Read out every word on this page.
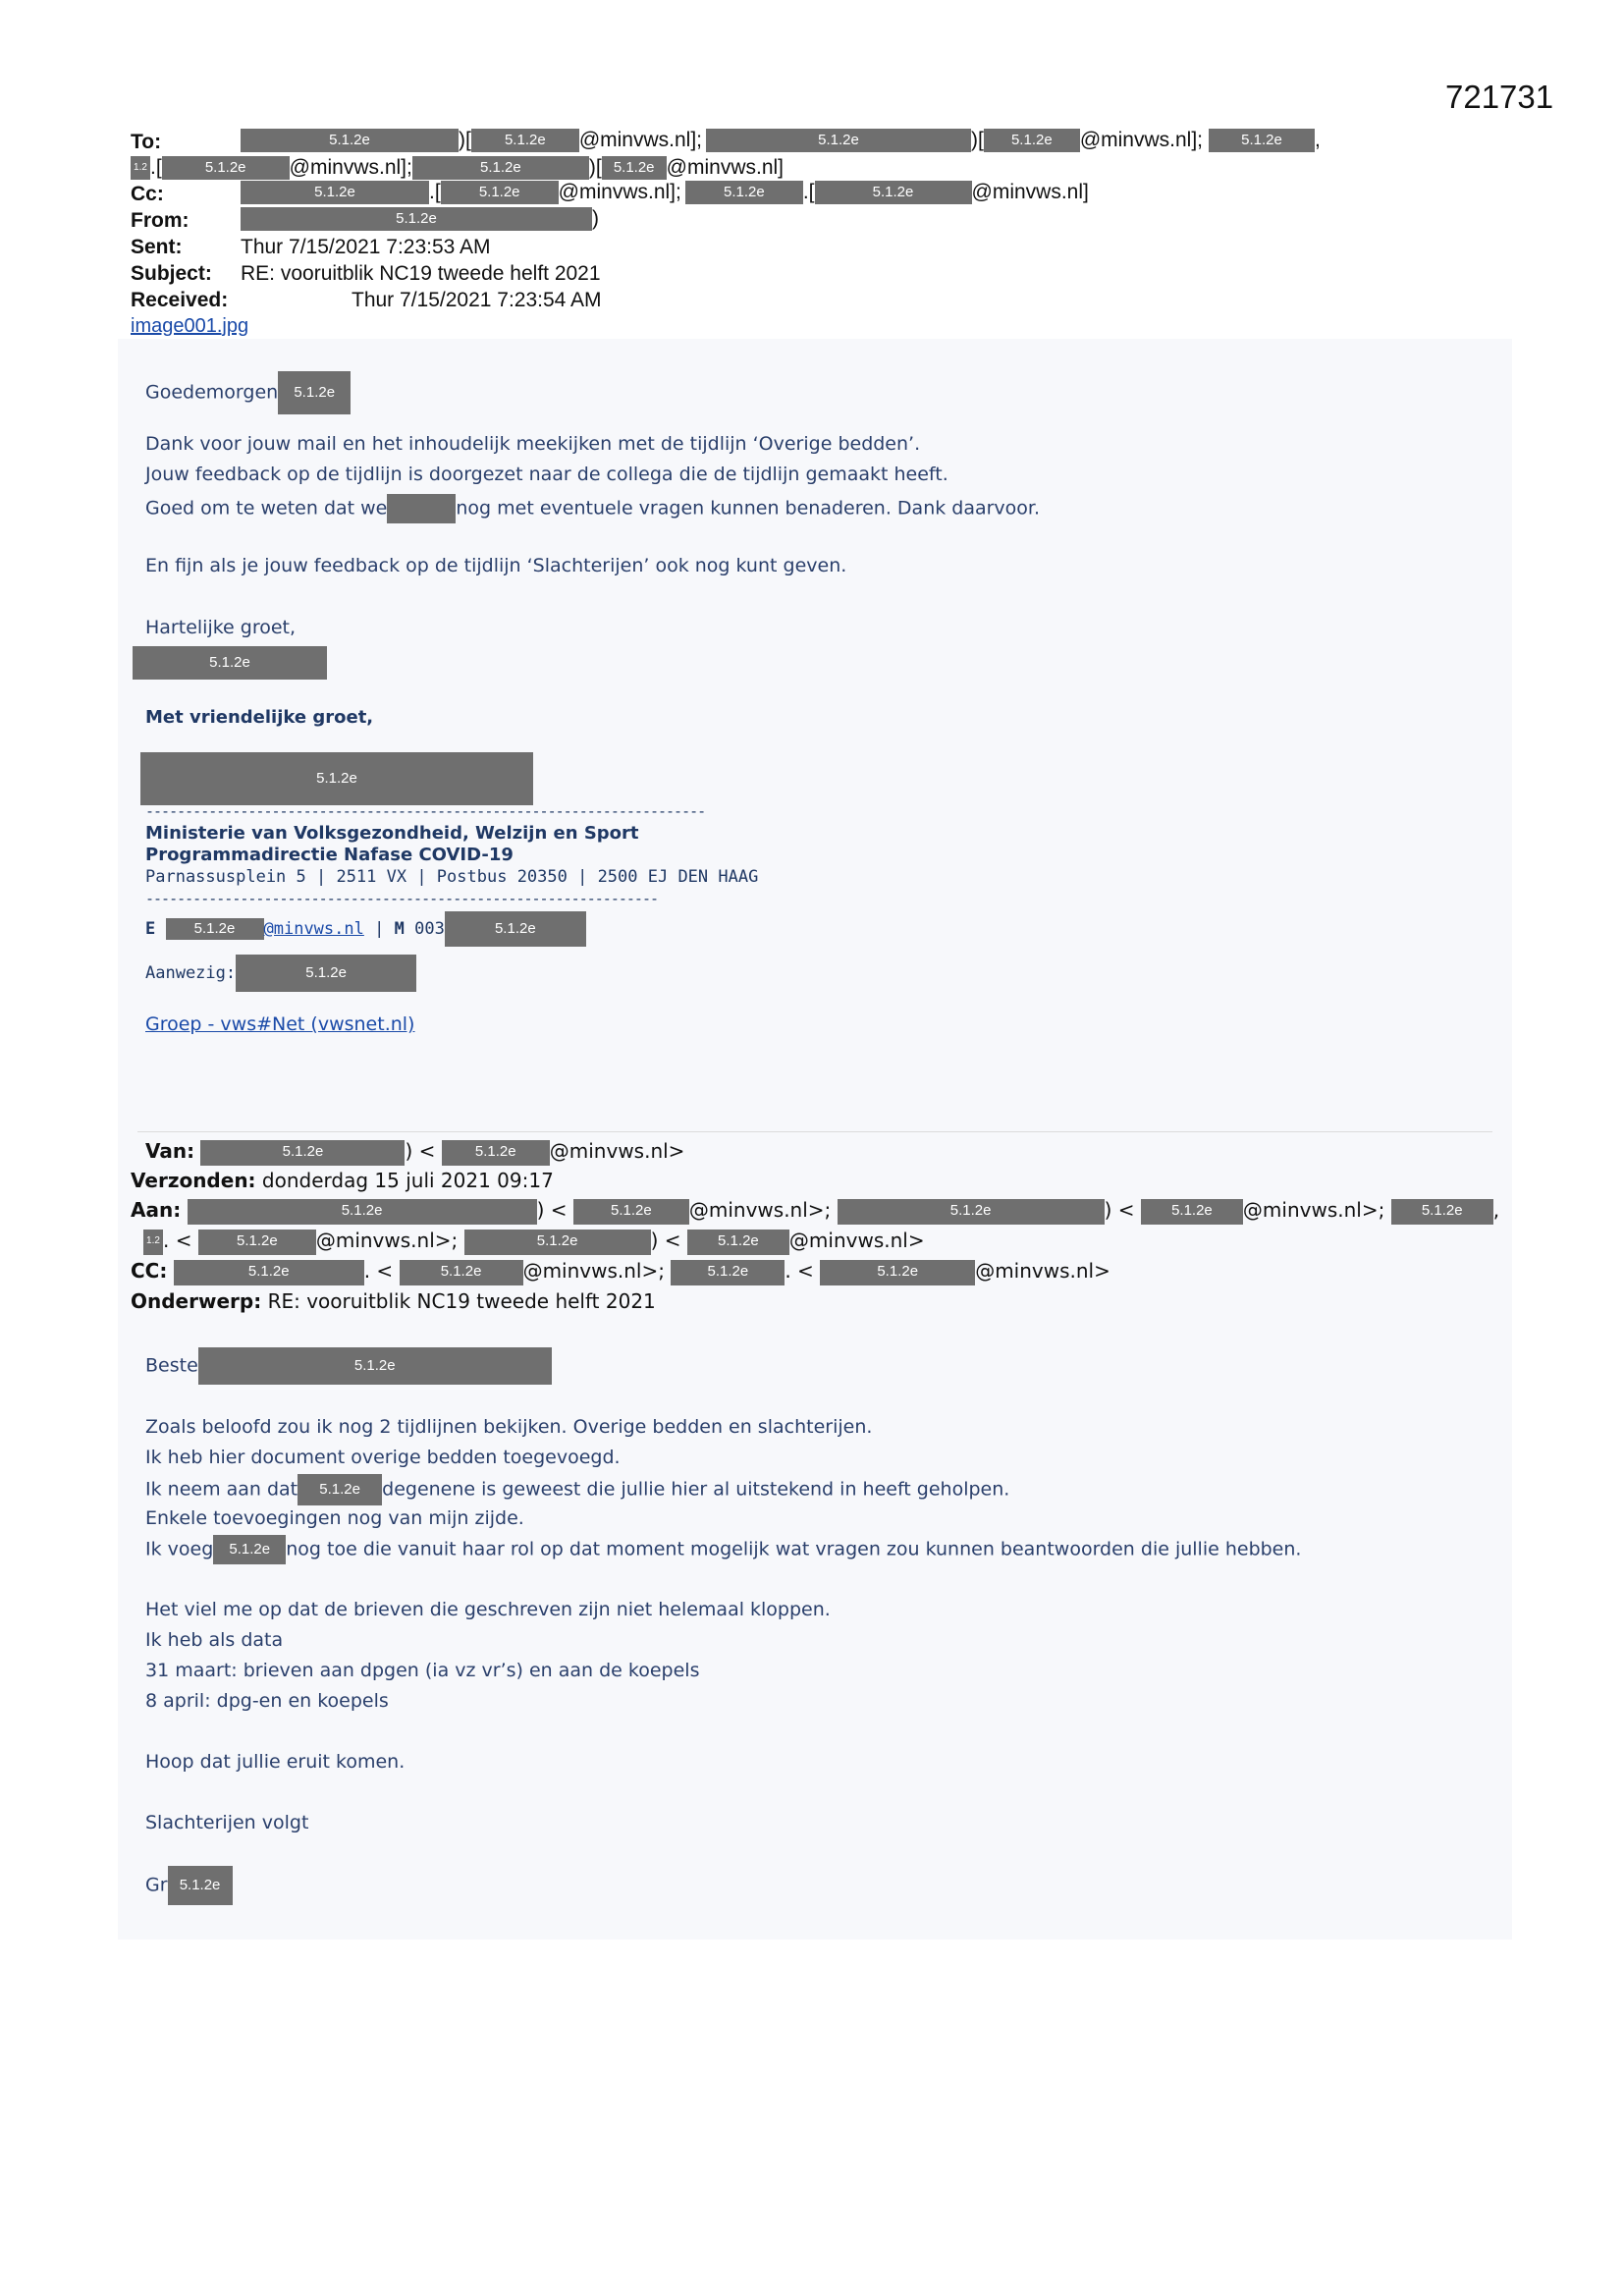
721731
To:	5.1.2e	)[ 5.1.2e @minvws.nl];	5.1.2e	)[ 5.1.2e @minvws.nl];	5.1.2e ,
1.2 .[	5.1.2e @minvws.nl];	5.1.2e	)[ 5.1.2e @minvws.nl]
Cc:	5.1.2e	.[	5.1.2e @minvws.nl];	5.1.2e .[	5.1.2e	@minvws.nl]
From:	5.1.2e	)
Sent:	Thur 7/15/2021 7:23:53 AM
Subject: RE: vooruitblik NC19 tweede helft 2021
Received:	Thur 7/15/2021 7:23:54 AM
image001.jpg
Goedemorgen 5.1.2e
Dank voor jouw mail en het inhoudelijk meekijken met de tijdlijn ‘Overige bedden’.
Jouw feedback op de tijdlijn is doorgezet naar de collega die de tijdlijn gemaakt heeft.
Goed om te weten dat we	nog met eventuele vragen kunnen benaderen. Dank daarvoor.
En fijn als je jouw feedback op de tijdlijn ‘Slachterijen’ ook nog kunt geven.
Hartelijke groet,
5.1.2e
Met vriendelijke groet,
5.1.2e
-----------------------------------------------------------------------
Ministerie van Volksgezondheid, Welzijn en Sport
Programmadirectie Nafase COVID-19
Parnassusplein 5 | 2511 VX | Postbus 20350 | 2500 EJ DEN HAAG
-----------------------------------------------------------------
E	5.1.2e @minvws.nl | M 003	5.1.2e
Aanwezig:	5.1.2e
Groep - vws#Net (vwsnet.nl)
Van:	5.1.2e	) <	5.1.2e @minvws.nl>
Verzonden: donderdag 15 juli 2021 09:17
Aan:	5.1.2e	) <	5.1.2e @minvws.nl>;	5.1.2e	) <	5.1.2e @minvws.nl>;	5.1.2e ,
1.2 . <	5.1.2e @minvws.nl>;	5.1.2e	) <	5.1.2e @minvws.nl>
CC:	5.1.2e	. <	5.1.2e @minvws.nl>;	5.1.2e . <	5.1.2e	@minvws.nl>
Onderwerp: RE: vooruitblik NC19 tweede helft 2021
Beste	5.1.2e
Zoals beloofd zou ik nog 2 tijdlijnen bekijken. Overige bedden en slachterijen.
Ik heb hier document overige bedden toegevoegd.
Ik neem aan dat 5.1.2e degenene is geweest die jullie hier al uitstekend in heeft geholpen.
Enkele toevoegingen nog van mijn zijde.
Ik voeg 5.1.2e nog toe die vanuit haar rol op dat moment mogelijk wat vragen zou kunnen beantwoorden die jullie hebben.
Het viel me op dat de brieven die geschreven zijn niet helemaal kloppen.
Ik heb als data
31 maart: brieven aan dpgen (ia vz vr’s) en aan de koepels
8 april: dpg-en en koepels
Hoop dat jullie eruit komen.
Slachterijen volgt
Gr 5.1.2e
